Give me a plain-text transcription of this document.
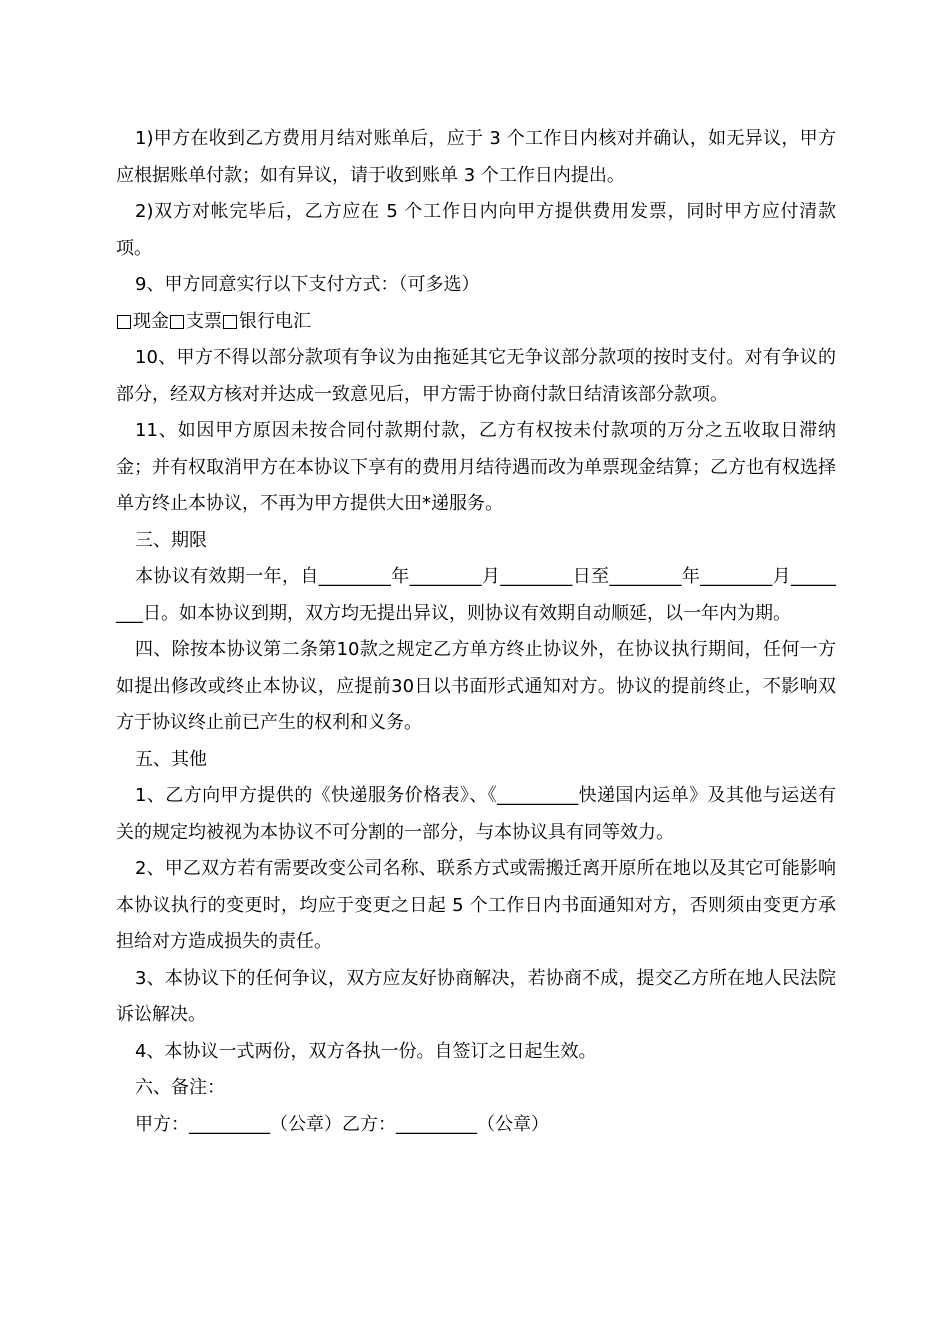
1)甲方在收到乙方费用月结对账单后，应于 3 个工作日内核对并确认，如无异议，甲方应根据账单付款；如有异议，请于收到账单 3 个工作日内提出。

2)双方对帐完毕后，乙方应在 5 个工作日内向甲方提供费用发票，同时甲方应付清款项。

9、甲方同意实行以下支付方式：（可多选）

现金 支票 银行电汇

10、甲方不得以部分款项有争议为由拖延其它无争议部分款项的按时支付。对有争议的部分，经双方核对并达成一致意见后，甲方需于协商付款日结清该部分款项。

11、如因甲方原因未按合同付款期付款，乙方有权按未付款项的万分之五收取日滞纳金；并有权取消甲方在本协议下享有的费用月结待遇而改为单票现金结算；乙方也有权选择单方终止本协议，不再为甲方提供大田*递服务。

三、期限

本协议有效期一年，自________年________月________日至________年________月________日。如本协议到期，双方均无提出异议，则协议有效期自动顺延，以一年内为期。

四、除按本协议第二条第10款之规定乙方单方终止协议外，在协议执行期间，任何一方如提出修改或终止本协议，应提前30日以书面形式通知对方。协议的提前终止，不影响双方于协议终止前已产生的权利和义务。

五、其他

1、乙方向甲方提供的《快递服务价格表》、《_________快递国内运单》及其他与运送有关的规定均被视为本协议不可分割的一部分，与本协议具有同等效力。

2、甲乙双方若有需要改变公司名称、联系方式或需搬迁离开原所在地以及其它可能影响本协议执行的变更时，均应于变更之日起 5 个工作日内书面通知对方，否则须由变更方承担给对方造成损失的责任。

3、本协议下的任何争议，双方应友好协商解决，若协商不成，提交乙方所在地人民法院诉讼解决。

4、本协议一式两份，双方各执一份。自签订之日起生效。

六、备注：

甲方：_________（公章）乙方：_________（公章）
